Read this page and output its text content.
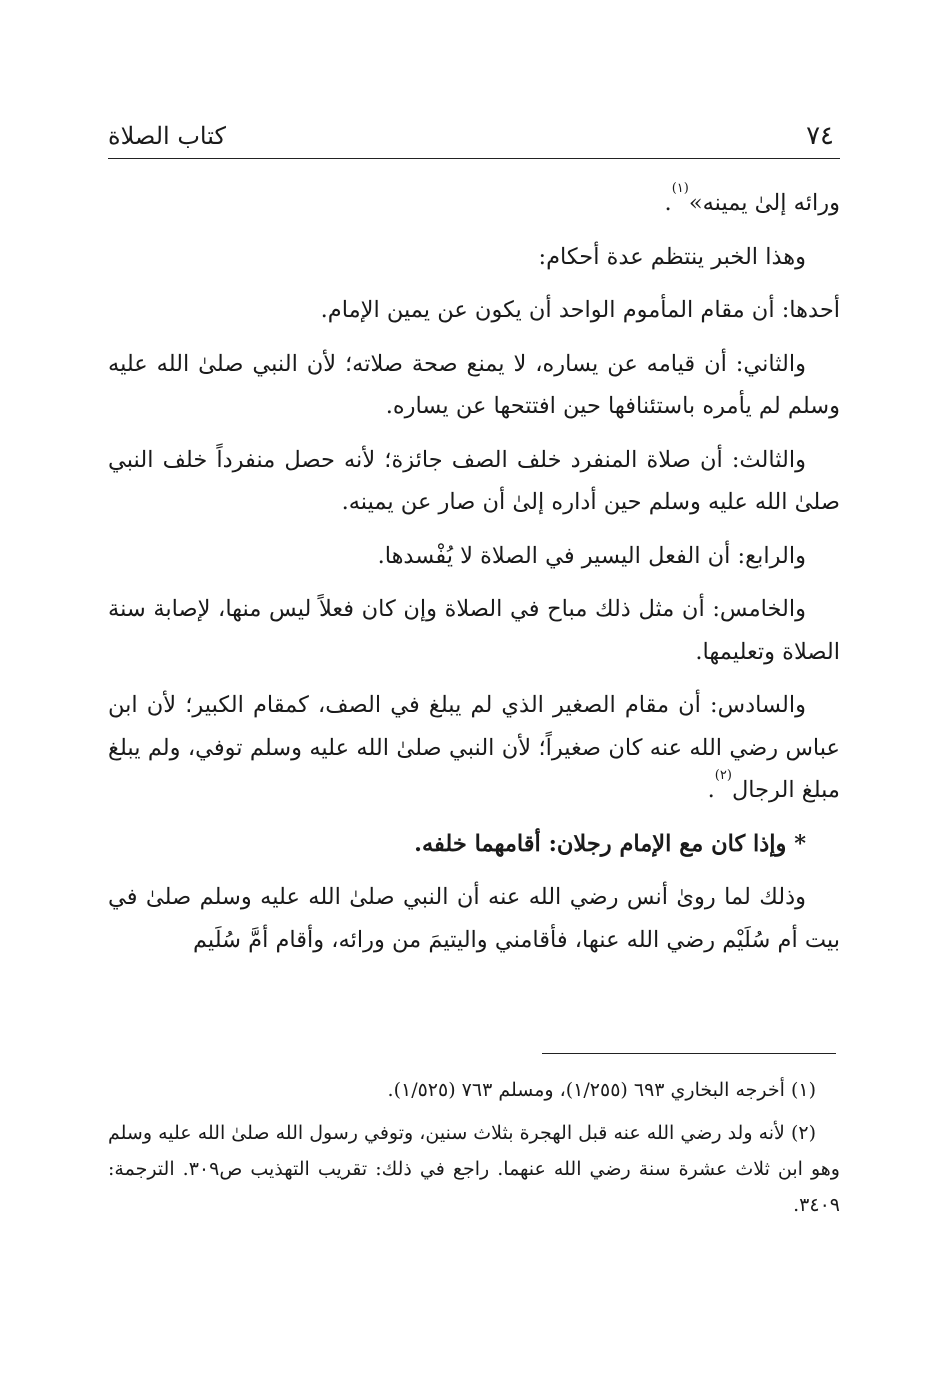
٧٤
كتاب الصلاة

ورائه إلىٰ يمينه»$^{(١)}$.

وهذا الخبر ينتظم عدة أحكام:

أحدها: أن مقام المأموم الواحد أن يكون عن يمين الإمام.

والثاني: أن قيامه عن يساره، لا يمنع صحة صلاته؛ لأن النبي صلىٰ الله عليه وسلم لم يأمره باستئنافها حين افتتحها عن يساره.

والثالث: أن صلاة المنفرد خلف الصف جائزة؛ لأنه حصل منفرداً خلف النبي صلىٰ الله عليه وسلم حين أداره إلىٰ أن صار عن يمينه.

والرابع: أن الفعل اليسير في الصلاة لا يُفْسدها.

والخامس: أن مثل ذلك مباح في الصلاة وإن كان فعلاً ليس منها، لإصابة سنة الصلاة وتعليمها.

والسادس: أن مقام الصغير الذي لم يبلغ في الصف، كمقام الكبير؛ لأن ابن عباس رضي الله عنه كان صغيراً؛ لأن النبي صلىٰ الله عليه وسلم توفي، ولم يبلغ مبلغ الرجال$^{(٢)}$.

* وإذا كان مع الإمام رجلان: أقامهما خلفه.

وذلك لما روىٰ أنس رضي الله عنه أن النبي صلىٰ الله عليه وسلم صلىٰ في بيت أم سُلَيْم رضي الله عنها، فأقامني واليتيمَ من ورائه، وأقام أمَّ سُلَيم

(١) أخرجه البخاري ٦٩٣ (١/٢٥٥)، ومسلم ٧٦٣ (١/٥٢٥).

(٢) لأنه ولد رضي الله عنه قبل الهجرة بثلاث سنين، وتوفي رسول الله صلىٰ الله عليه وسلم وهو ابن ثلاث عشرة سنة رضي الله عنهما. راجع في ذلك: تقريب التهذيب ص٣٠٩. الترجمة: ٣٤٠٩.
